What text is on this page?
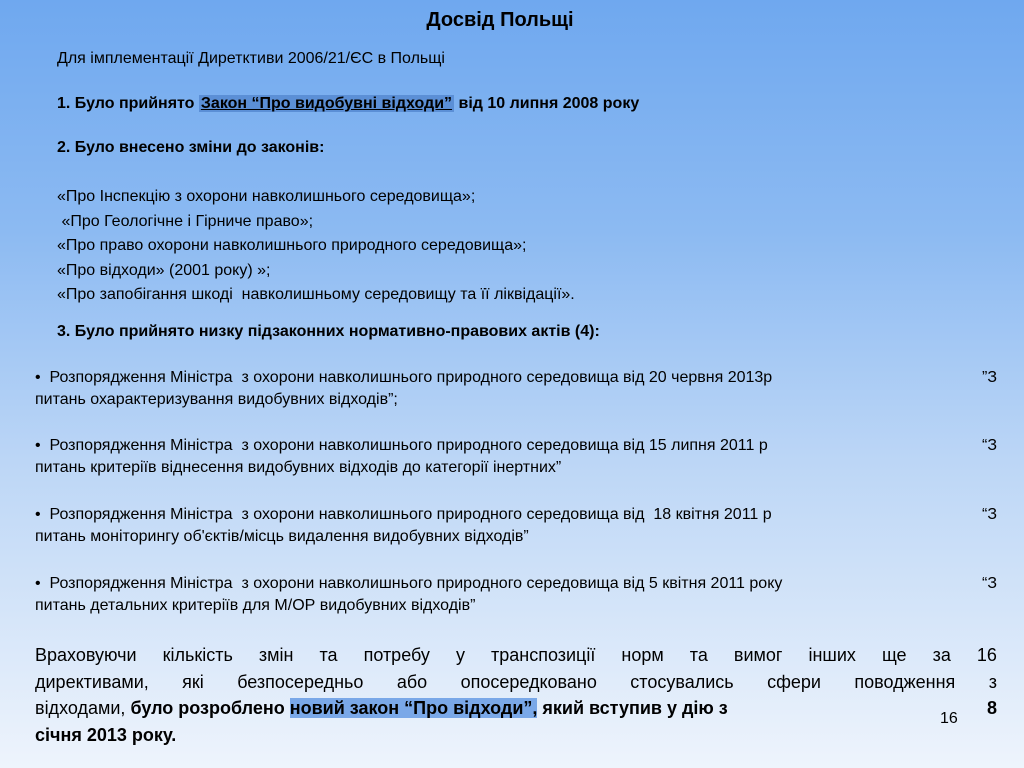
Досвід Польщі

Для імплементації Диретктиви 2006/21/ЄС в Польщі

1. Було прийнято Закон “Про видобувні відходи” від 10 липня 2008 року

2. Було внесено зміни до законів:

«Про Інспекцію з охорони навколишнього середовища»;
«Про Геологічне і Гірниче право»;
«Про право охорони навколишнього природного середовища»;
«Про відходи» (2001 року) »;
«Про запобігання шкоді  навколишньому середовищу та її ліквідації».

3. Було прийнято низку підзаконних нормативно-правових актів (4):

•  Розпорядження Міністра  з охорони навколишнього природного середовища від 20 червня 2013р	”З
питань охарактеризування видобувних відходів”;
•  Розпорядження Міністра  з охорони навколишнього природного середовища від 15 липня 2011 р	“З
питань критеріїв віднесення видобувних відходів до категорії інертних”
•  Розпорядження Міністра  з охорони навколишнього природного середовища від  18 квітня 2011 р	“З
питань моніторингу об'єктів/місць видалення видобувних відходів”
•  Розпорядження Міністра  з охорони навколишнього природного середовища від 5 квітня 2011 року	“З
питань детальних критеріїв для М/ОР видобувних відходів”
Враховуючи кількість змін та потребу у транспозиції норм та вимог інших ще за 16
директивами, які безпосередньо або опосередковано стосувались сфери поводження з
відходами, було розроблено новий закон “Про відходи”, який вступив у дію з	8
січня 2013 року.
16
